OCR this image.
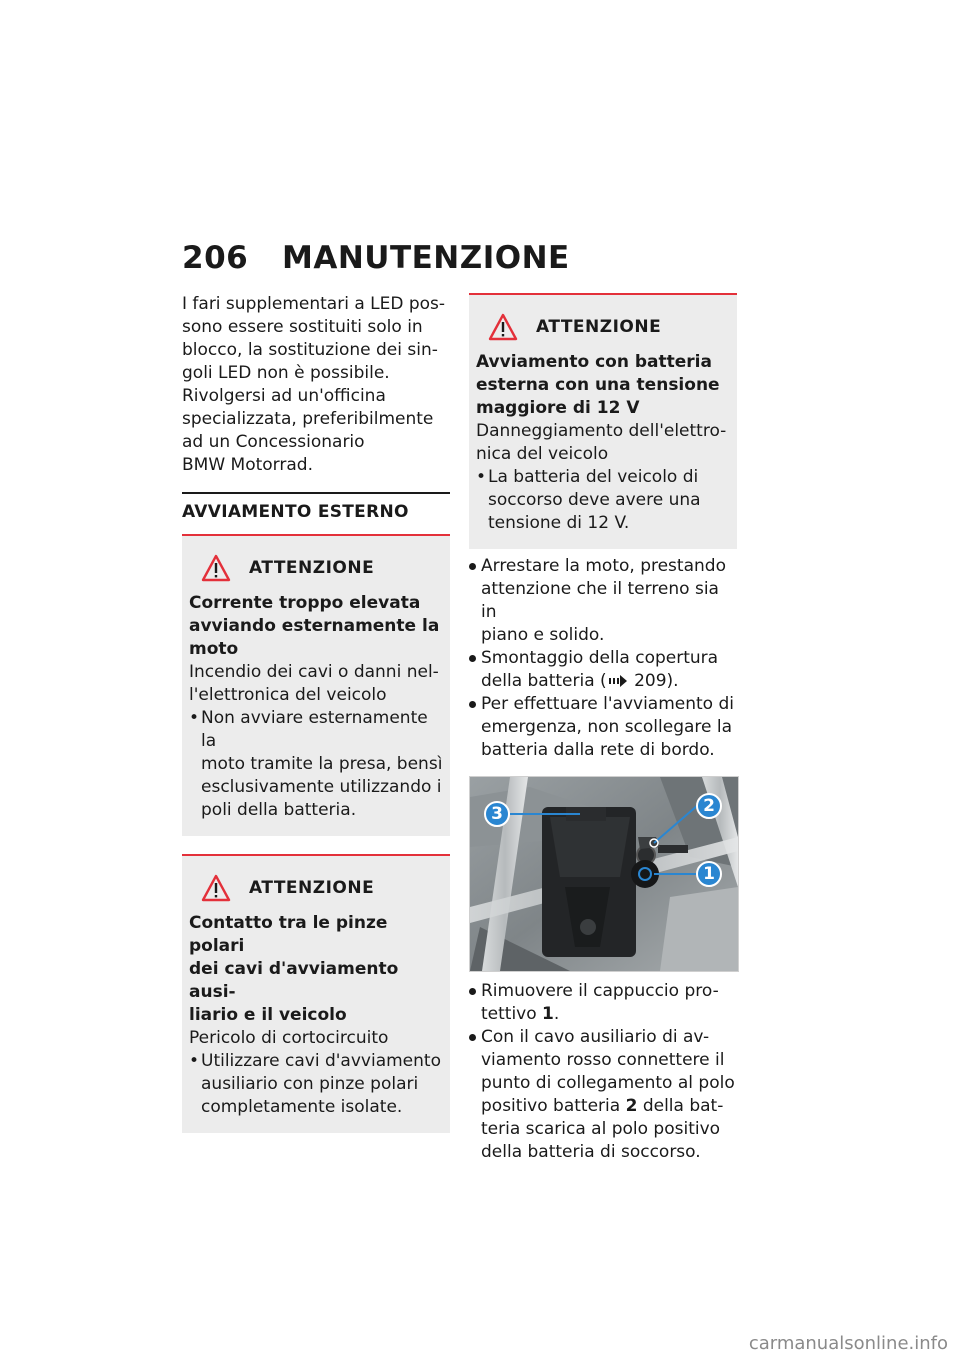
206 MANUTENZIONE

I fari supplementari a LED pos-

sono essere sostituiti solo in

blocco, la sostituzione dei sin-

goli LED non è possibile.

Rivolgersi ad un'officina

specializzata, preferibilmente

ad un Concessionario

BMW Motorrad.

AVVIAMENTO ESTERNO
ATTENZIONE
Corrente troppo elevata
avviando esternamente la
moto

Incendio dei cavi o danni nel-

l'elettronica del veicolo

• Non avviare esternamente la
moto tramite la presa, bensì
esclusivamente utilizzando i
poli della batteria.
ATTENZIONE
Contatto tra le pinze polari
dei cavi d'avviamento ausi-
liario e il veicolo

Pericolo di cortocircuito

• Utilizzare cavi d'avviamento
ausiliario con pinze polari
completamente isolate.
ATTENZIONE
Avviamento con batteria
esterna con una tensione
maggiore di 12 V

Danneggiamento dell'elettro-

nica del veicolo

• La batteria del veicolo di
soccorso deve avere una
tensione di 12 V.
Arrestare la moto, prestando
attenzione che il terreno sia in
piano e solido.
Smontaggio della copertura
della batteria ( 209).
Per effettuare l'avviamento di
emergenza, non scollegare la
batteria dalla rete di bordo.
1
2
3
Rimuovere il cappuccio pro-
tettivo 1.
Con il cavo ausiliario di av-
viamento rosso connettere il
punto di collegamento al polo
positivo batteria 2 della bat-
teria scarica al polo positivo
della batteria di soccorso.
carmanualsonline.info
